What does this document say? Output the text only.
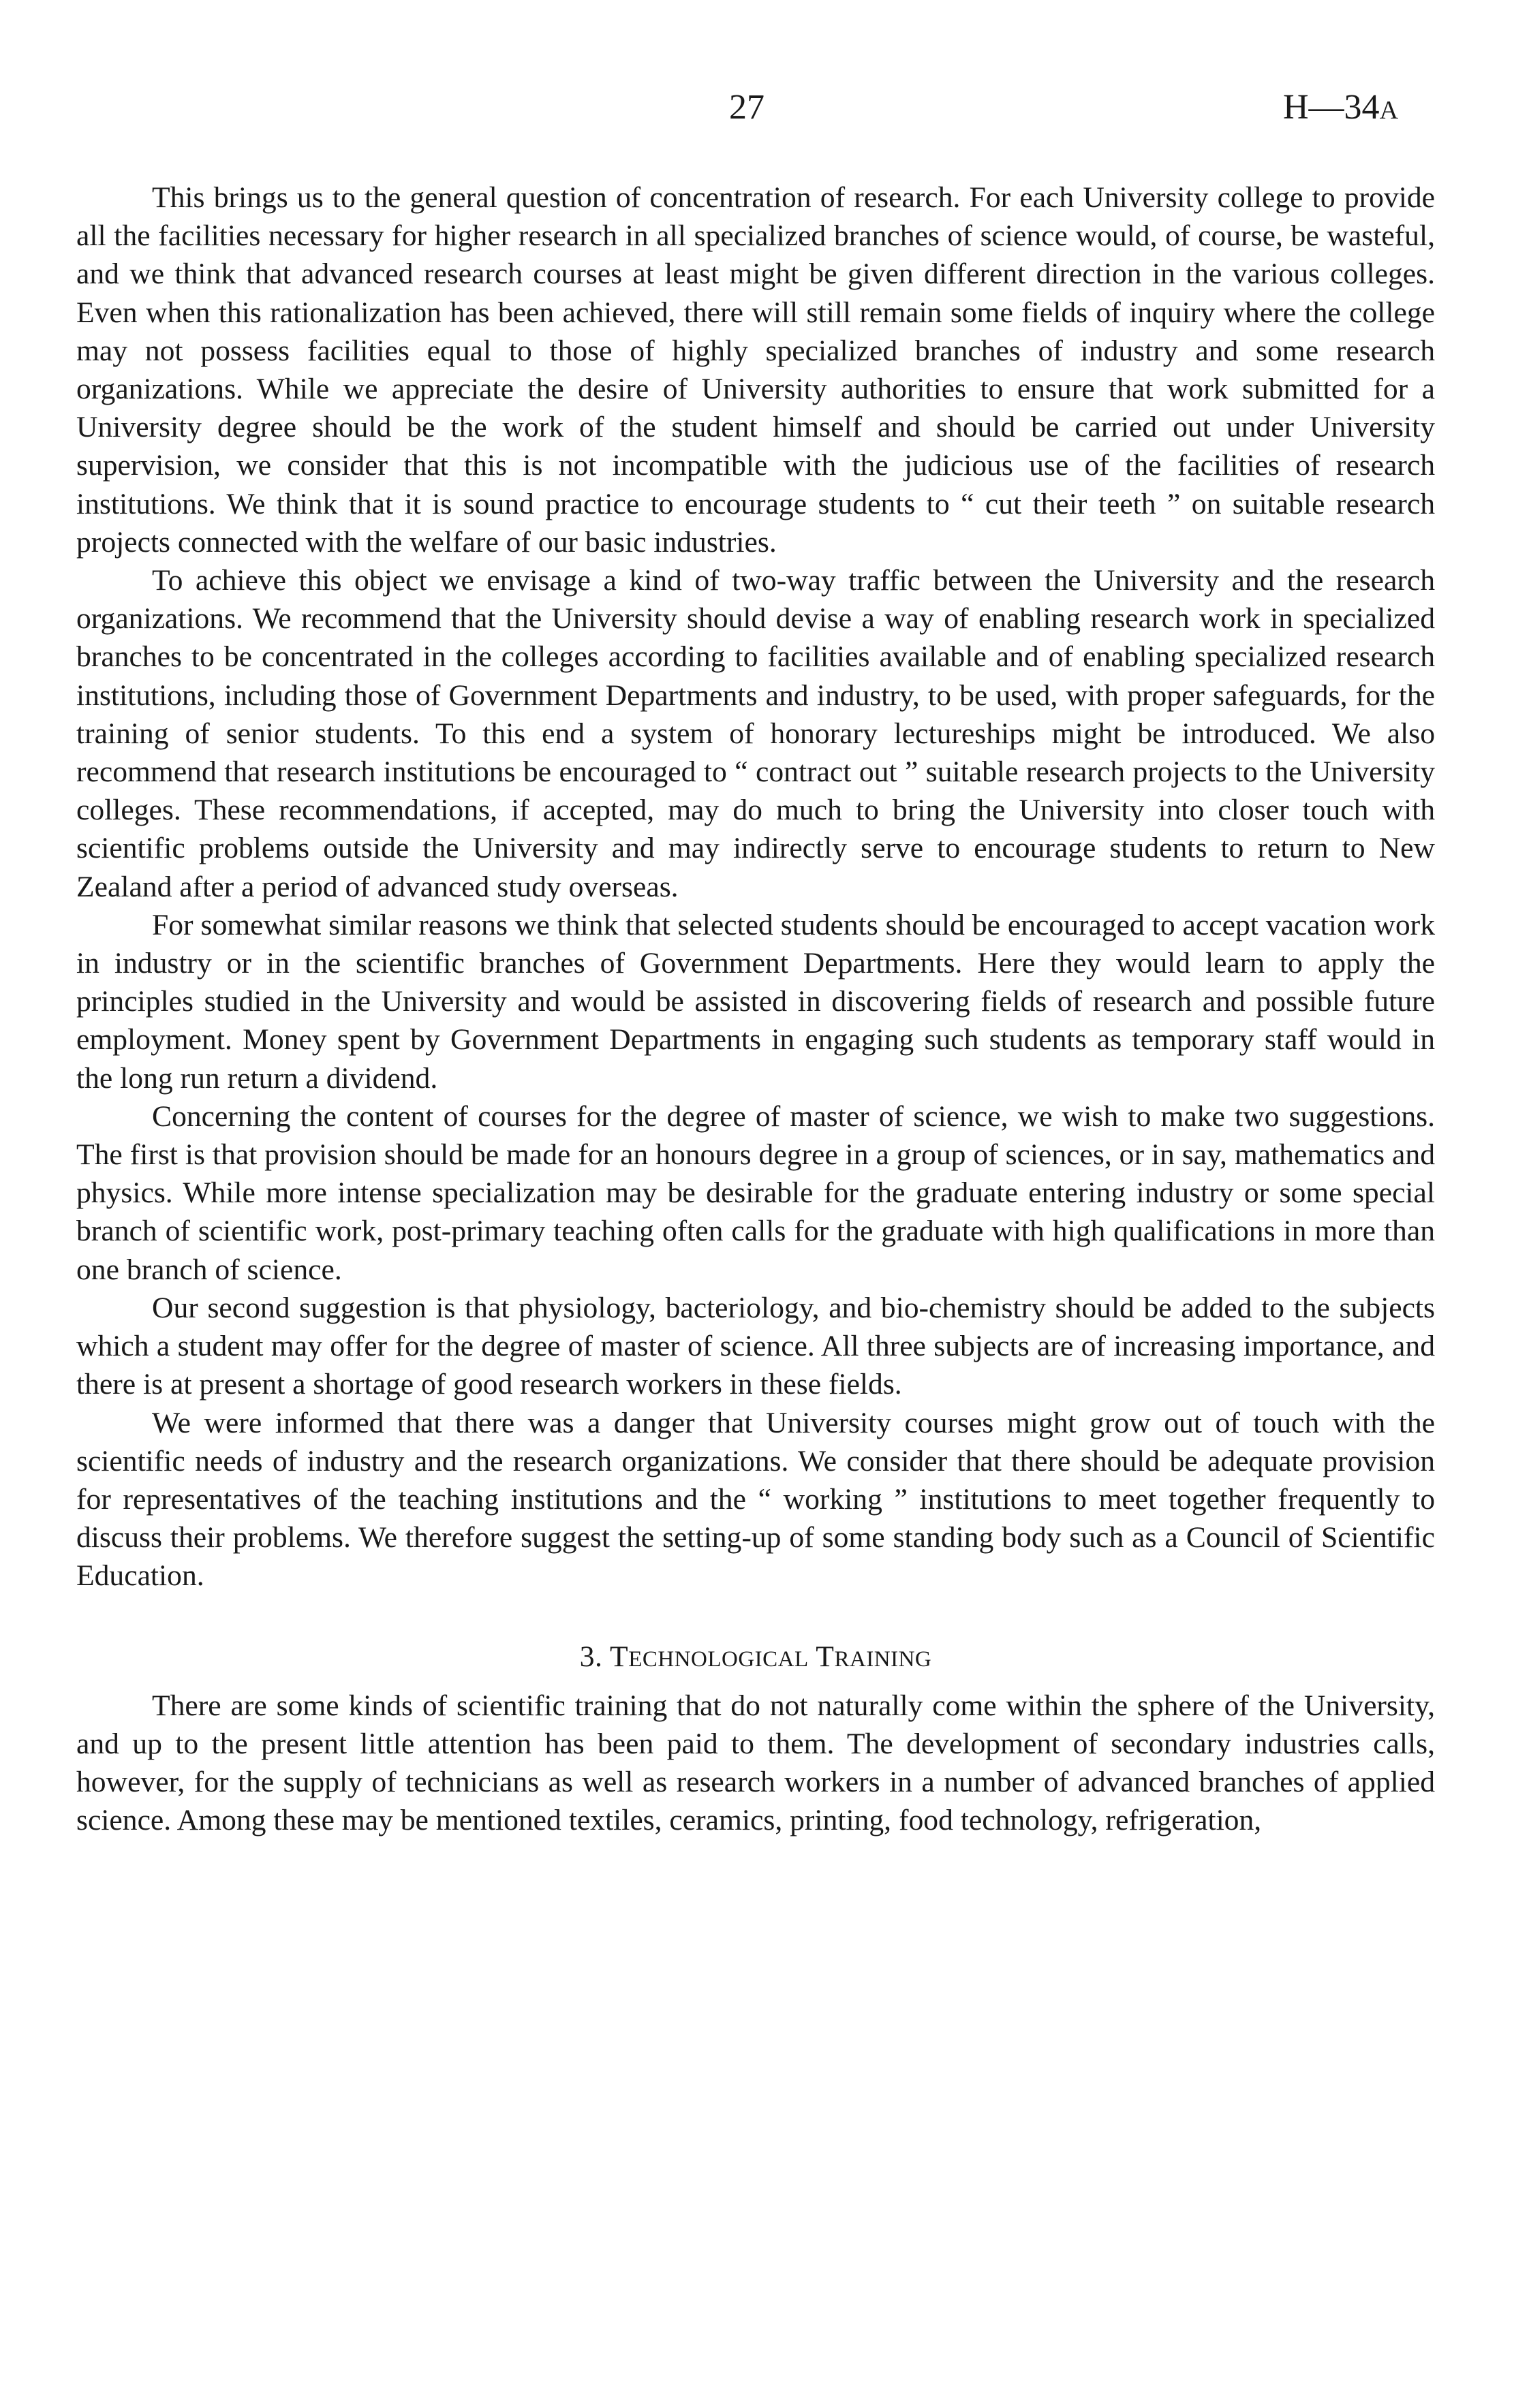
27	H—34A

This brings us to the general question of concentration of research. For each University college to provide all the facilities necessary for higher research in all specialized branches of science would, of course, be wasteful, and we think that advanced research courses at least might be given different direction in the various colleges. Even when this rationalization has been achieved, there will still remain some fields of inquiry where the college may not possess facilities equal to those of highly specialized branches of industry and some research organizations. While we appreciate the desire of University authorities to ensure that work submitted for a University degree should be the work of the student himself and should be carried out under University supervision, we consider that this is not incompatible with the judicious use of the facilities of research institutions. We think that it is sound practice to encourage students to “ cut their teeth ” on suitable research projects connected with the welfare of our basic industries.

To achieve this object we envisage a kind of two-way traffic between the University and the research organizations. We recommend that the University should devise a way of enabling research work in specialized branches to be concentrated in the colleges according to facilities available and of enabling specialized research institutions, including those of Government Departments and industry, to be used, with proper safeguards, for the training of senior students. To this end a system of honorary lectureships might be introduced. We also recommend that research institutions be encouraged to “ contract out ” suitable research projects to the University colleges. These recommendations, if accepted, may do much to bring the University into closer touch with scientific problems outside the University and may indirectly serve to encourage students to return to New Zealand after a period of advanced study overseas.

For somewhat similar reasons we think that selected students should be encouraged to accept vacation work in industry or in the scientific branches of Government Departments. Here they would learn to apply the principles studied in the University and would be assisted in discovering fields of research and possible future employment. Money spent by Government Departments in engaging such students as temporary staff would in the long run return a dividend.

Concerning the content of courses for the degree of master of science, we wish to make two suggestions. The first is that provision should be made for an honours degree in a group of sciences, or in say, mathematics and physics. While more intense specialization may be desirable for the graduate entering industry or some special branch of scientific work, post-primary teaching often calls for the graduate with high qualifications in more than one branch of science.

Our second suggestion is that physiology, bacteriology, and bio-chemistry should be added to the subjects which a student may offer for the degree of master of science. All three subjects are of increasing importance, and there is at present a shortage of good research workers in these fields.

We were informed that there was a danger that University courses might grow out of touch with the scientific needs of industry and the research organizations. We consider that there should be adequate provision for representatives of the teaching institutions and the “ working ” institutions to meet together frequently to discuss their problems. We therefore suggest the setting-up of some standing body such as a Council of Scientific Education.

3. TECHNOLOGICAL TRAINING

There are some kinds of scientific training that do not naturally come within the sphere of the University, and up to the present little attention has been paid to them. The development of secondary industries calls, however, for the supply of technicians as well as research workers in a number of advanced branches of applied science. Among these may be mentioned textiles, ceramics, printing, food technology, refrigeration,
